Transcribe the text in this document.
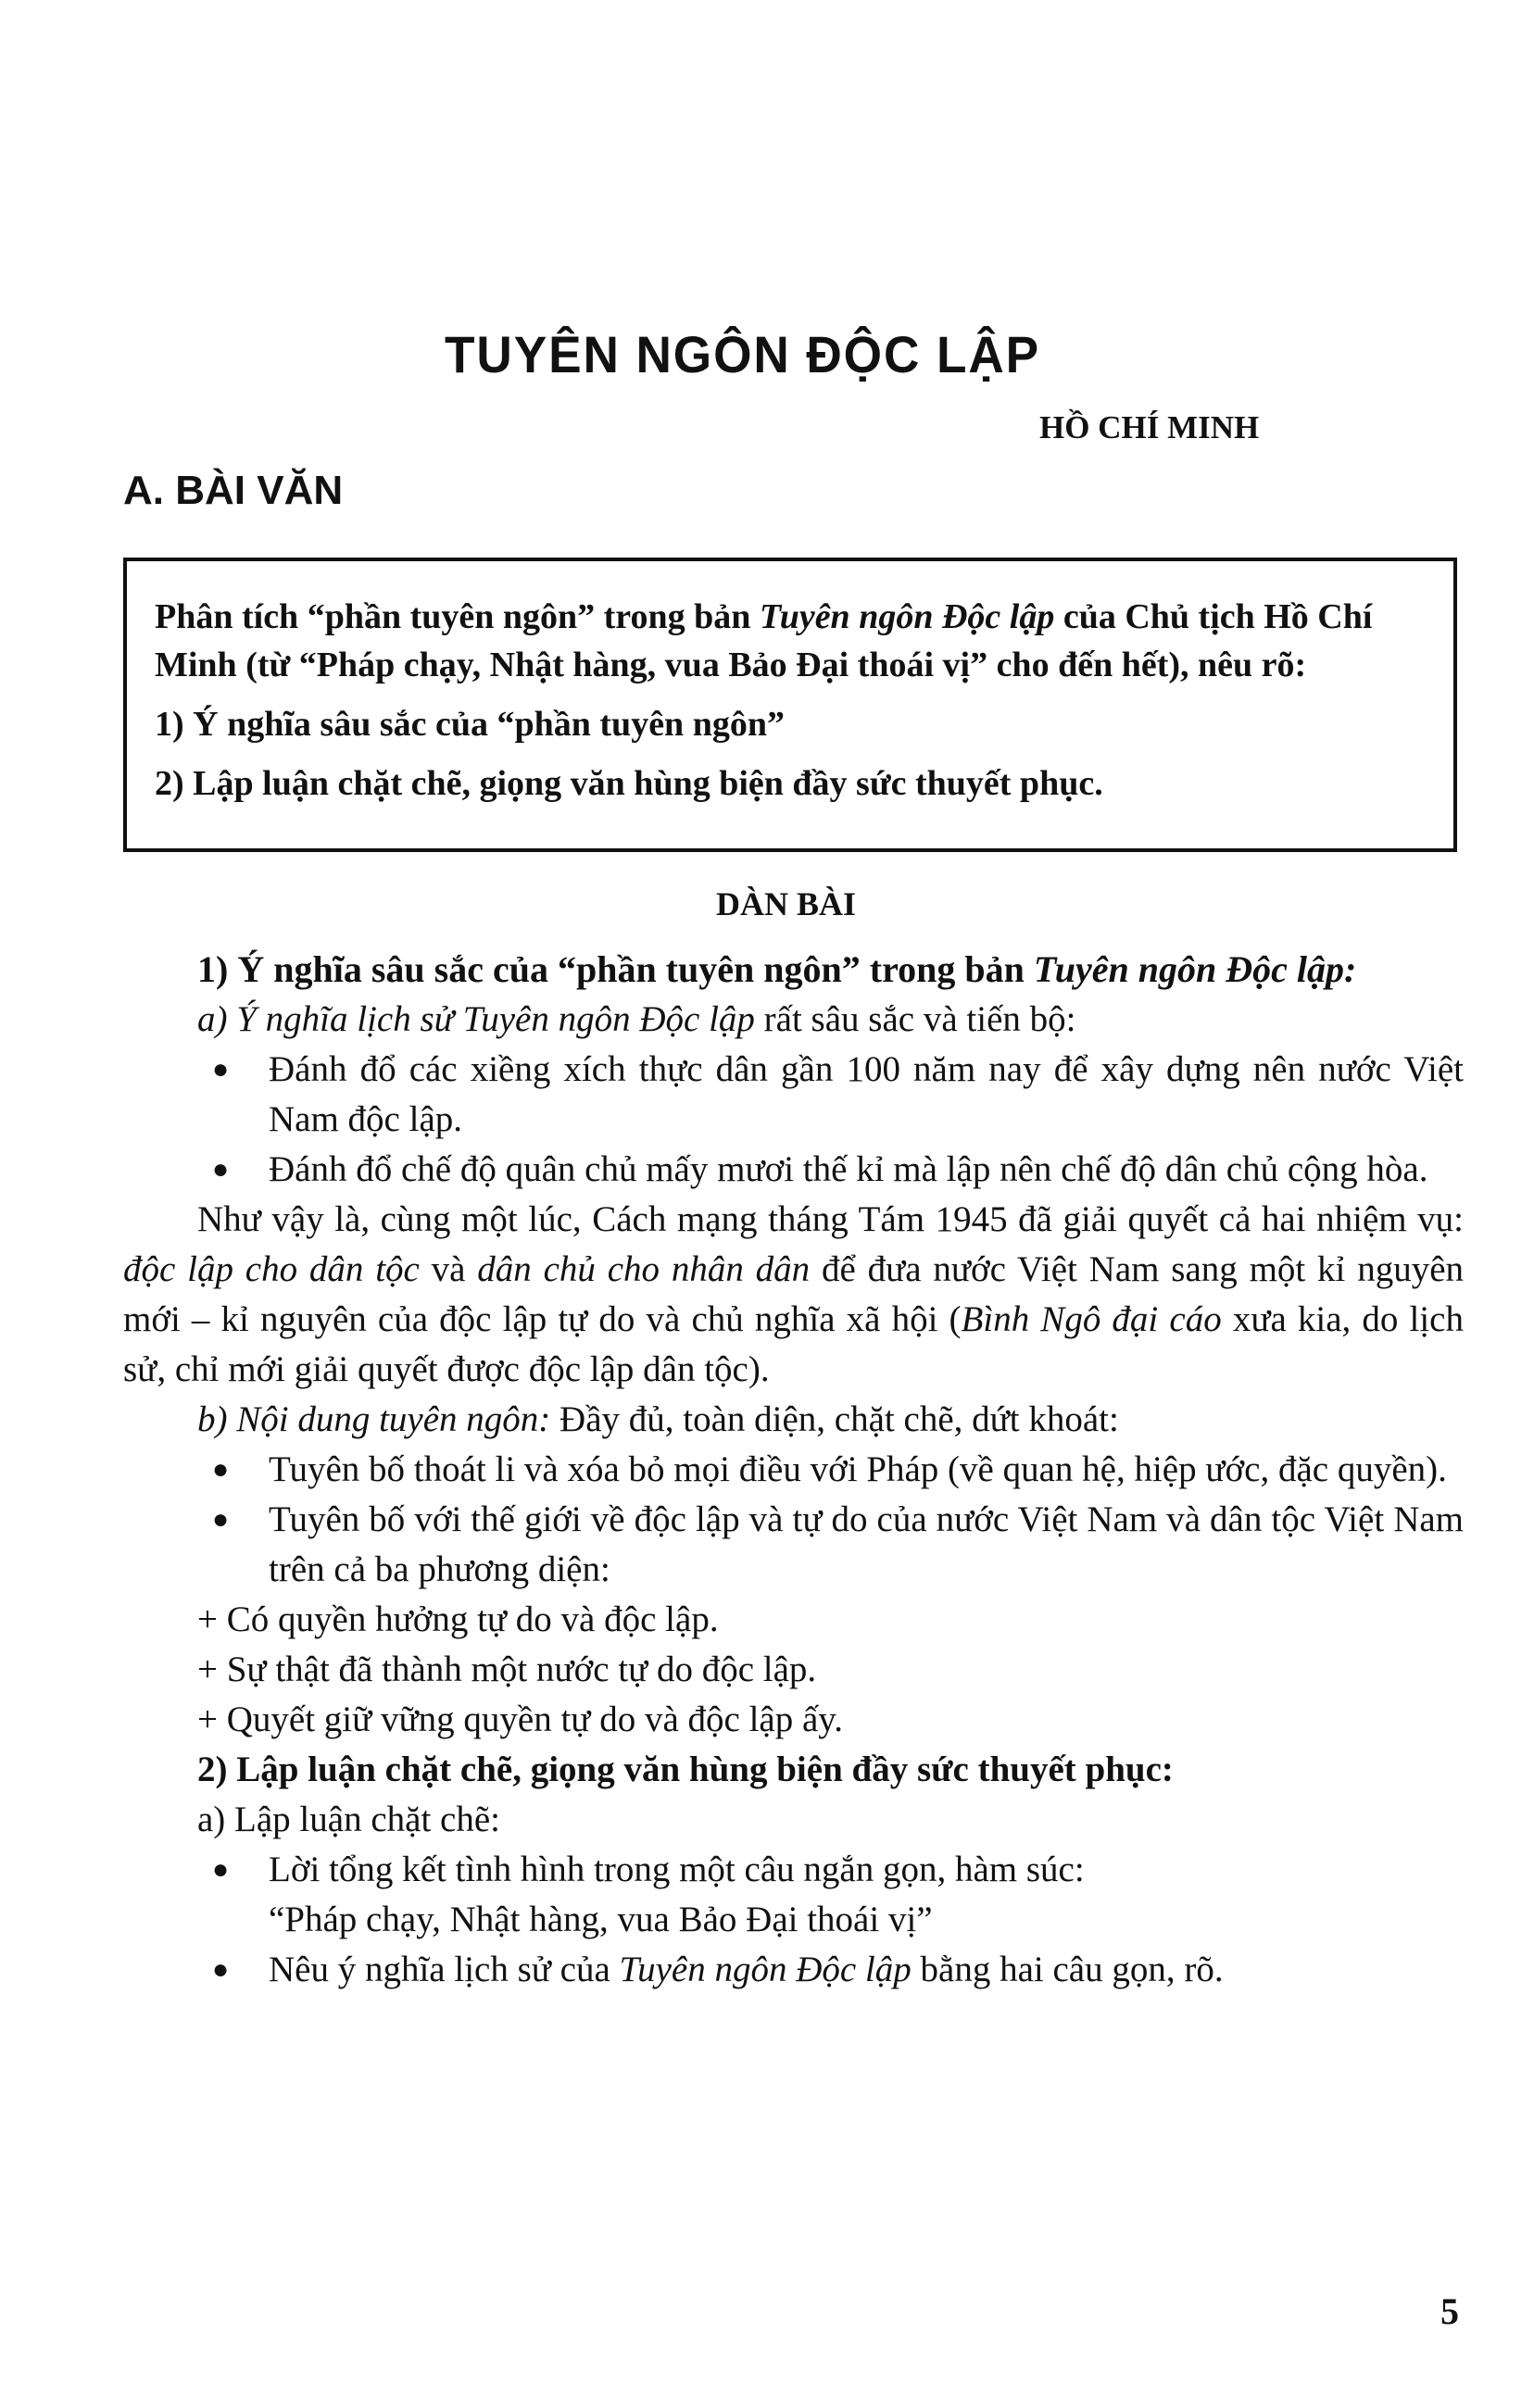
TUYÊN NGÔN ĐỘC LẬP
HỒ CHÍ MINH
A. BÀI VĂN

Phân tích “phần tuyên ngôn” trong bản Tuyên ngôn Độc lập của Chủ tịch Hồ Chí Minh (từ “Pháp chạy, Nhật hàng, vua Bảo Đại thoái vị” cho đến hết), nêu rõ:

1) Ý nghĩa sâu sắc của “phần tuyên ngôn”

2) Lập luận chặt chẽ, giọng văn hùng biện đầy sức thuyết phục.

DÀN BÀI

1) Ý nghĩa sâu sắc của “phần tuyên ngôn” trong bản Tuyên ngôn Độc lập:

a) Ý nghĩa lịch sử Tuyên ngôn Độc lập rất sâu sắc và tiến bộ:

● Đánh đổ các xiềng xích thực dân gần 100 năm nay để xây dựng nên nước Việt Nam độc lập.

● Đánh đổ chế độ quân chủ mấy mươi thế kỉ mà lập nên chế độ dân chủ cộng hòa.

Như vậy là, cùng một lúc, Cách mạng tháng Tám 1945 đã giải quyết cả hai nhiệm vụ: độc lập cho dân tộc và dân chủ cho nhân dân để đưa nước Việt Nam sang một kỉ nguyên mới – kỉ nguyên của độc lập tự do và chủ nghĩa xã hội (Bình Ngô đại cáo xưa kia, do lịch sử, chỉ mới giải quyết được độc lập dân tộc).

b) Nội dung tuyên ngôn: Đầy đủ, toàn diện, chặt chẽ, dứt khoát:

● Tuyên bố thoát li và xóa bỏ mọi điều với Pháp (về quan hệ, hiệp ước, đặc quyền).

● Tuyên bố với thế giới về độc lập và tự do của nước Việt Nam và dân tộc Việt Nam trên cả ba phương diện:

+ Có quyền hưởng tự do và độc lập.

+ Sự thật đã thành một nước tự do độc lập.

+ Quyết giữ vững quyền tự do và độc lập ấy.

2) Lập luận chặt chẽ, giọng văn hùng biện đầy sức thuyết phục:

a) Lập luận chặt chẽ:

● Lời tổng kết tình hình trong một câu ngắn gọn, hàm súc:

“Pháp chạy, Nhật hàng, vua Bảo Đại thoái vị”

● Nêu ý nghĩa lịch sử của Tuyên ngôn Độc lập bằng hai câu gọn, rõ.

5
